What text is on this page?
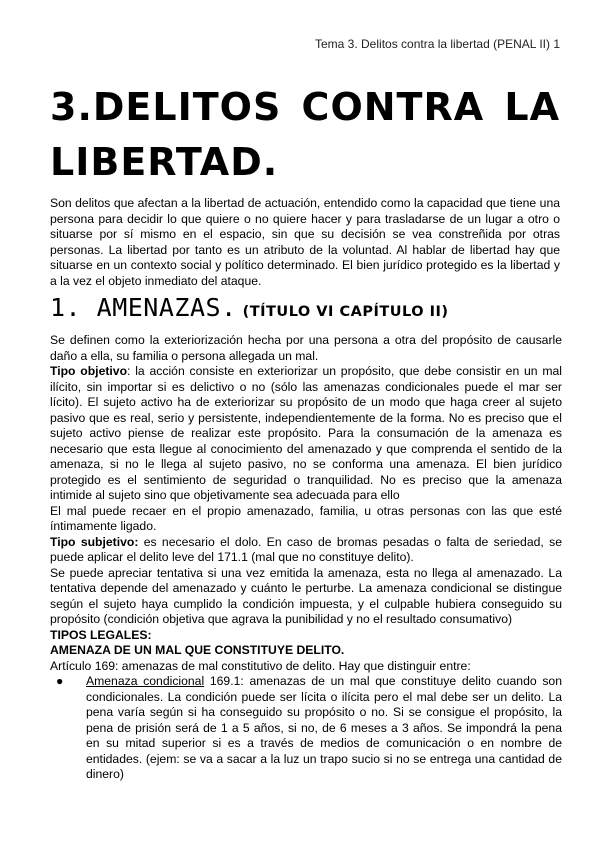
Tema 3. Delitos contra la libertad (PENAL II) 1
3.DELITOS CONTRA LA LIBERTAD.

Son delitos que afectan a la libertad de actuación, entendido como la capacidad que tiene una persona para decidir lo que quiere o no quiere hacer y para trasladarse de un lugar a otro o situarse por sí mismo en el espacio, sin que su decisión se vea constreñida por otras personas. La libertad por tanto es un atributo de la voluntad. Al hablar de libertad hay que situarse en un contexto social y político determinado. El bien jurídico protegido es la libertad y a la vez el objeto inmediato del ataque.

1. AMENAZAS. (TÍTULO VI CAPÍTULO II)

Se definen como la exteriorización hecha por una persona a otra del propósito de causarle daño a ella, su familia o persona allegada un mal.

Tipo objetivo: la acción consiste en exteriorizar un propósito, que debe consistir en un mal ilícito, sin importar si es delictivo o no (sólo las amenazas condicionales puede el mar ser lícito). El sujeto activo ha de exteriorizar su propósito de un modo que haga creer al sujeto pasivo que es real, serio y persistente, independientemente de la forma. No es preciso que el sujeto activo piense de realizar este propósito. Para la consumación de la amenaza es necesario que esta llegue al conocimiento del amenazado y que comprenda el sentido de la amenaza, si no le llega al sujeto pasivo, no se conforma una amenaza. El bien jurídico protegido es el sentimiento de seguridad o tranquilidad. No es preciso que la amenaza intimide al sujeto sino que objetivamente sea adecuada para ello

El mal puede recaer en el propio amenazado, familia, u otras personas con las que esté íntimamente ligado.

Tipo subjetivo: es necesario el dolo. En caso de bromas pesadas o falta de seriedad, se puede aplicar el delito leve del 171.1 (mal que no constituye delito).

Se puede apreciar tentativa si una vez emitida la amenaza, esta no llega al amenazado. La tentativa depende del amenazado y cuánto le perturbe. La amenaza condicional se distingue según el sujeto haya cumplido la condición impuesta, y el culpable hubiera conseguido su propósito (condición objetiva que agrava la punibilidad y no el resultado consumativo)

TIPOS LEGALES:

AMENAZA DE UN MAL QUE CONSTITUYE DELITO.

Artículo 169: amenazas de mal constitutivo de delito. Hay que distinguir entre:

● Amenaza condicional 169.1: amenazas de un mal que constituye delito cuando son condicionales. La condición puede ser lícita o ilícita pero el mal debe ser un delito. La pena varía según si ha conseguido su propósito o no. Si se consigue el propósito, la pena de prisión será de 1 a 5 años, si no, de 6 meses a 3 años. Se impondrá la pena en su mitad superior si es a través de medios de comunicación o en nombre de entidades. (ejem: se va a sacar a la luz un trapo sucio si no se entrega una cantidad de dinero)
